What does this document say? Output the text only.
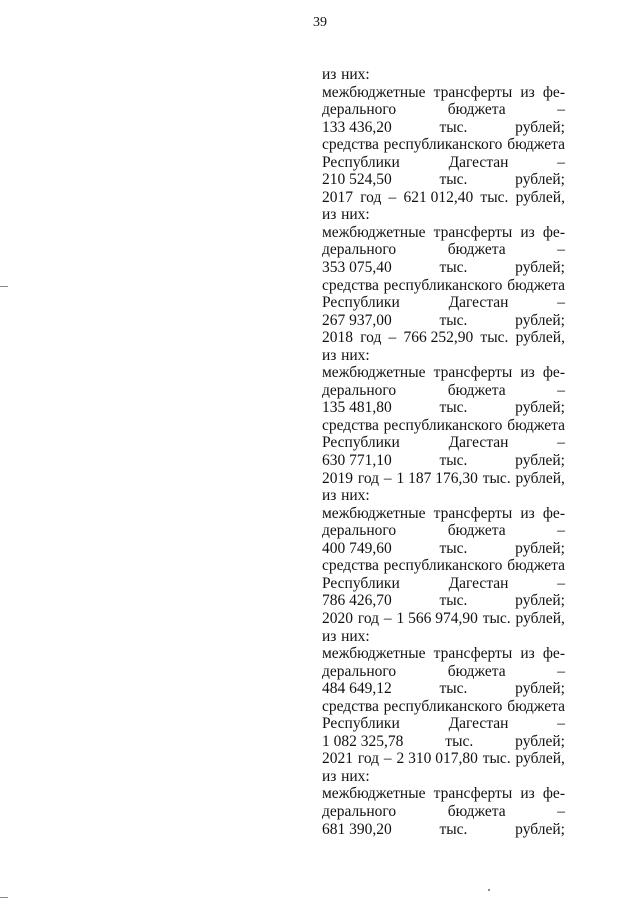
39
из них:
межбюджетные трансферты из фе-
дерального	бюджета	–
133 436,20	тыс.	рублей;
средства республиканского бюджета
Республики	Дагестан	–
210 524,50	тыс.	рублей;
2017 год – 621 012,40 тыс. рублей,
из них:
межбюджетные трансферты из фе-
дерального	бюджета	–
353 075,40	тыс.	рублей;
средства республиканского бюджета
Республики	Дагестан	–
267 937,00	тыс.	рублей;
2018 год – 766 252,90 тыс. рублей,
из них:
межбюджетные трансферты из фе-
дерального	бюджета	–
135 481,80	тыс.	рублей;
средства республиканского бюджета
Республики	Дагестан	–
630 771,10	тыс.	рублей;
2019 год – 1 187 176,30 тыс. рублей,
из них:
межбюджетные трансферты из фе-
дерального	бюджета	–
400 749,60	тыс.	рублей;
средства республиканского бюджета
Республики	Дагестан	–
786 426,70	тыс.	рублей;
2020 год – 1 566 974,90 тыс. рублей,
из них:
межбюджетные трансферты из фе-
дерального	бюджета	–
484 649,12	тыс.	рублей;
средства республиканского бюджета
Республики	Дагестан	–
1 082 325,78	тыс.	рублей;
2021 год – 2 310 017,80 тыс. рублей,
из них:
межбюджетные трансферты из фе-
дерального	бюджета	–
681 390,20	тыс.	рублей;
